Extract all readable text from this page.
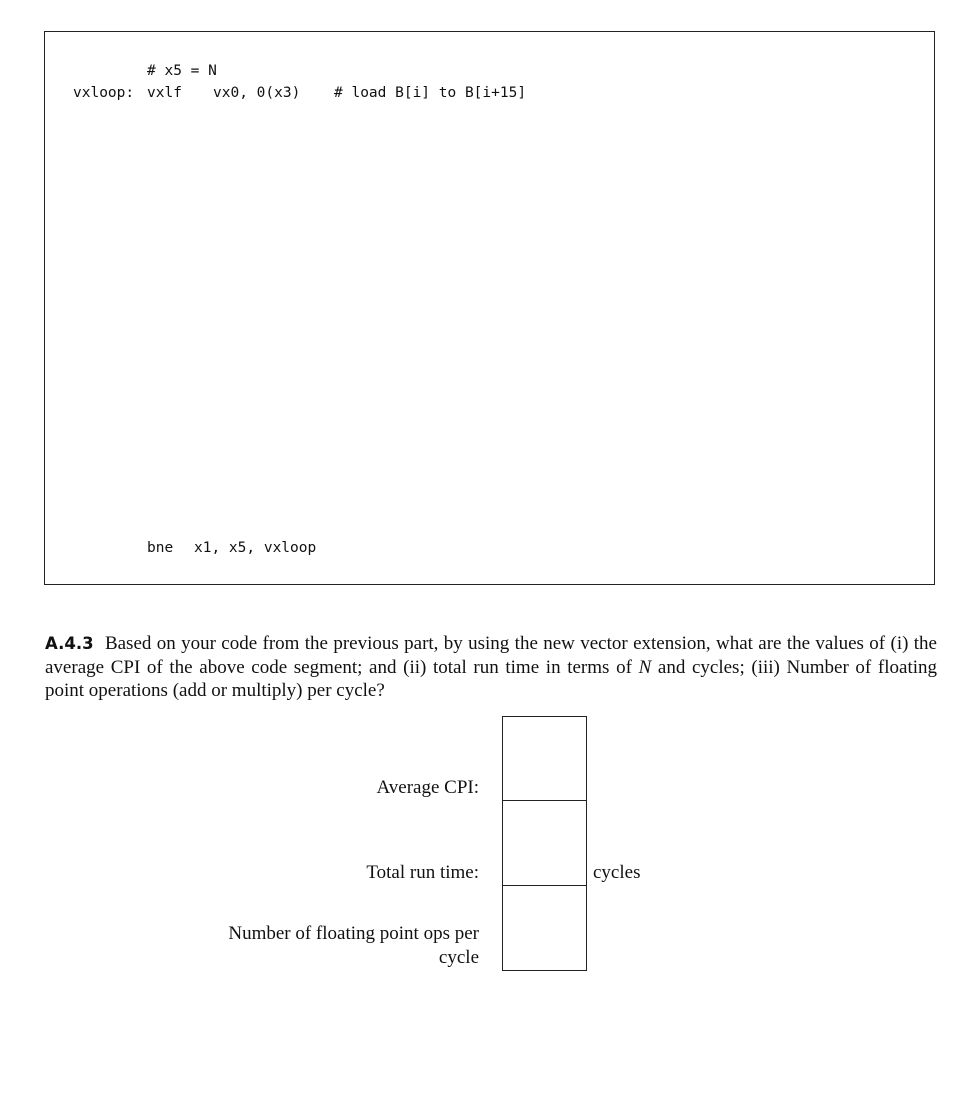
# x5 = N
vxloop: vxlf vx0, 0(x3) # load B[i] to B[i+15]
bne x1, x5, vxloop
A.4.3 Based on your code from the previous part, by using the new vector extension, what are the values of (i) the average CPI of the above code segment; and (ii) total run time in terms of N and cycles; (iii) Number of floating point operations (add or multiply) per cycle?
Average CPI:
Total run time:	cycles
Number of floating point ops per
cycle
